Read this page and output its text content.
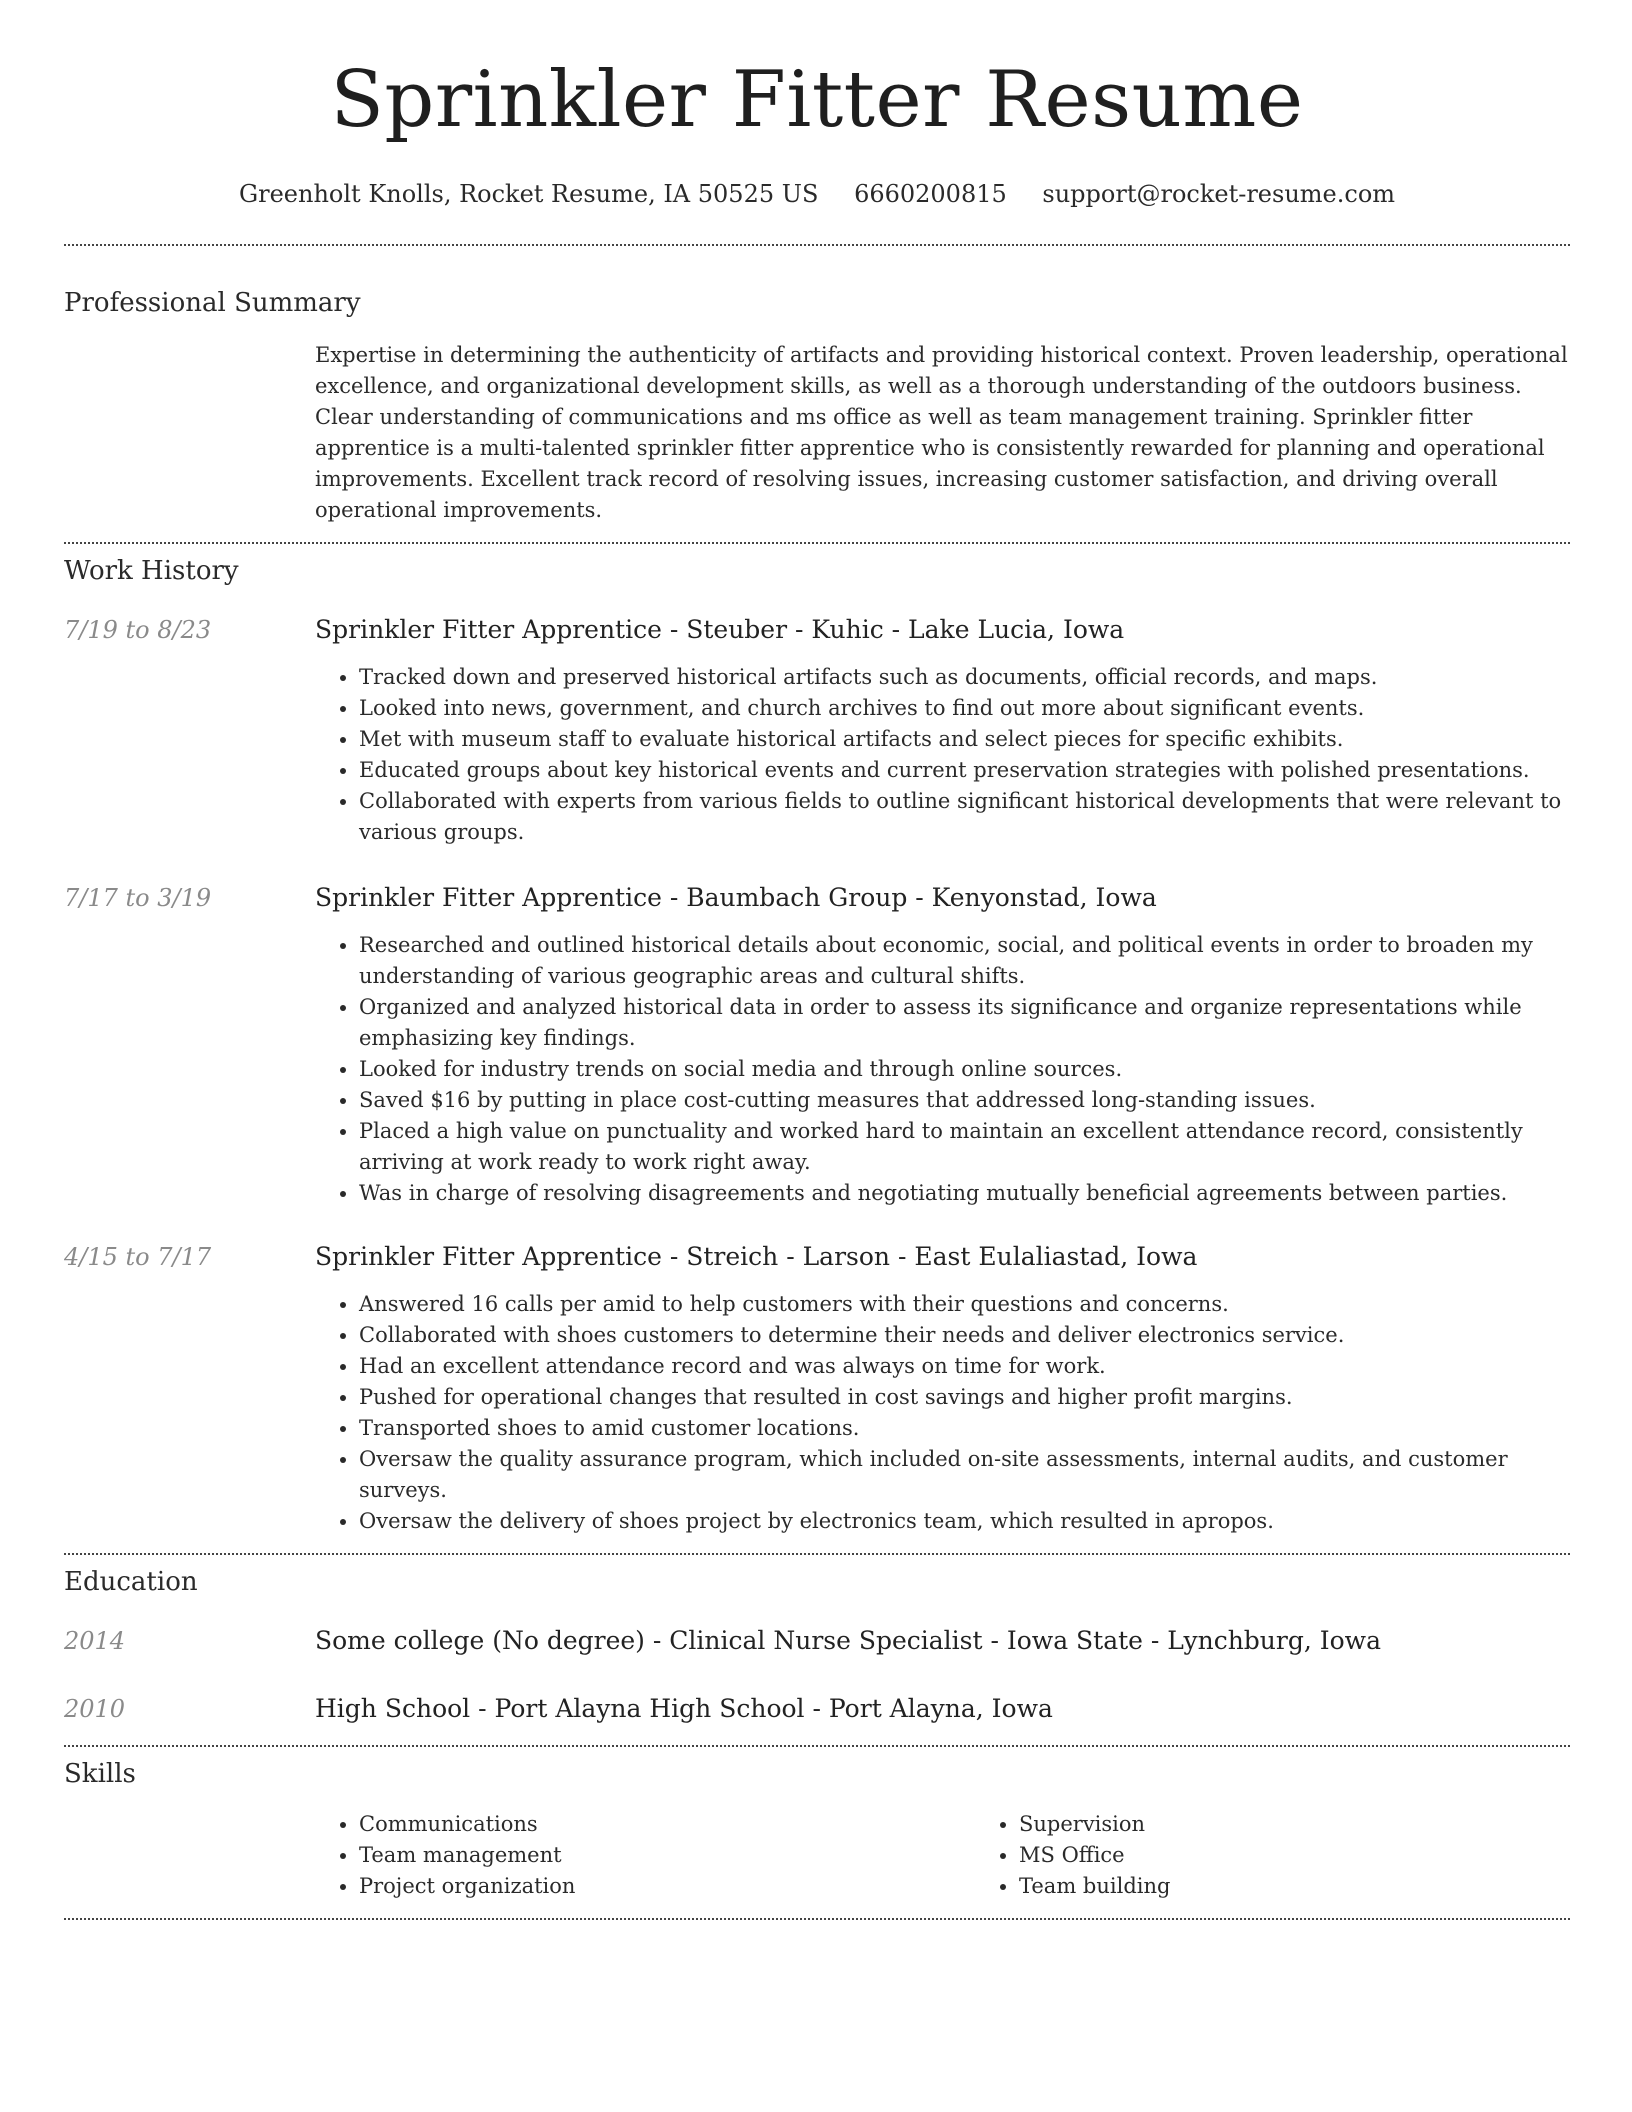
Sprinkler Fitter Resume
Greenholt Knolls, Rocket Resume, IA 50525 US 6660200815 support@rocket-resume.com
Professional Summary
Expertise in determining the authenticity of artifacts and providing historical context. Proven leadership, operational excellence, and organizational development skills, as well as a thorough understanding of the outdoors business. Clear understanding of communications and ms office as well as team management training. Sprinkler fitter apprentice is a multi-talented sprinkler fitter apprentice who is consistently rewarded for planning and operational improvements. Excellent track record of resolving issues, increasing customer satisfaction, and driving overall operational improvements.
Work History
7/19 to 8/23	Sprinkler Fitter Apprentice - Steuber - Kuhic - Lake Lucia, Iowa
• Tracked down and preserved historical artifacts such as documents, official records, and maps.
• Looked into news, government, and church archives to find out more about significant events.
• Met with museum staff to evaluate historical artifacts and select pieces for specific exhibits.
• Educated groups about key historical events and current preservation strategies with polished presentations.
• Collaborated with experts from various fields to outline significant historical developments that were relevant to various groups.
7/17 to 3/19	Sprinkler Fitter Apprentice - Baumbach Group - Kenyonstad, Iowa
• Researched and outlined historical details about economic, social, and political events in order to broaden my understanding of various geographic areas and cultural shifts.
• Organized and analyzed historical data in order to assess its significance and organize representations while emphasizing key findings.
• Looked for industry trends on social media and through online sources.
• Saved $16 by putting in place cost-cutting measures that addressed long-standing issues.
• Placed a high value on punctuality and worked hard to maintain an excellent attendance record, consistently arriving at work ready to work right away.
• Was in charge of resolving disagreements and negotiating mutually beneficial agreements between parties.
4/15 to 7/17	Sprinkler Fitter Apprentice - Streich - Larson - East Eulaliastad, Iowa
• Answered 16 calls per amid to help customers with their questions and concerns.
• Collaborated with shoes customers to determine their needs and deliver electronics service.
• Had an excellent attendance record and was always on time for work.
• Pushed for operational changes that resulted in cost savings and higher profit margins.
• Transported shoes to amid customer locations.
• Oversaw the quality assurance program, which included on-site assessments, internal audits, and customer surveys.
• Oversaw the delivery of shoes project by electronics team, which resulted in apropos.
Education
2014	Some college (No degree) - Clinical Nurse Specialist - Iowa State - Lynchburg, Iowa
2010	High School - Port Alayna High School - Port Alayna, Iowa
Skills
• Communications
• Team management
• Project organization
• Supervision
• MS Office
• Team building
